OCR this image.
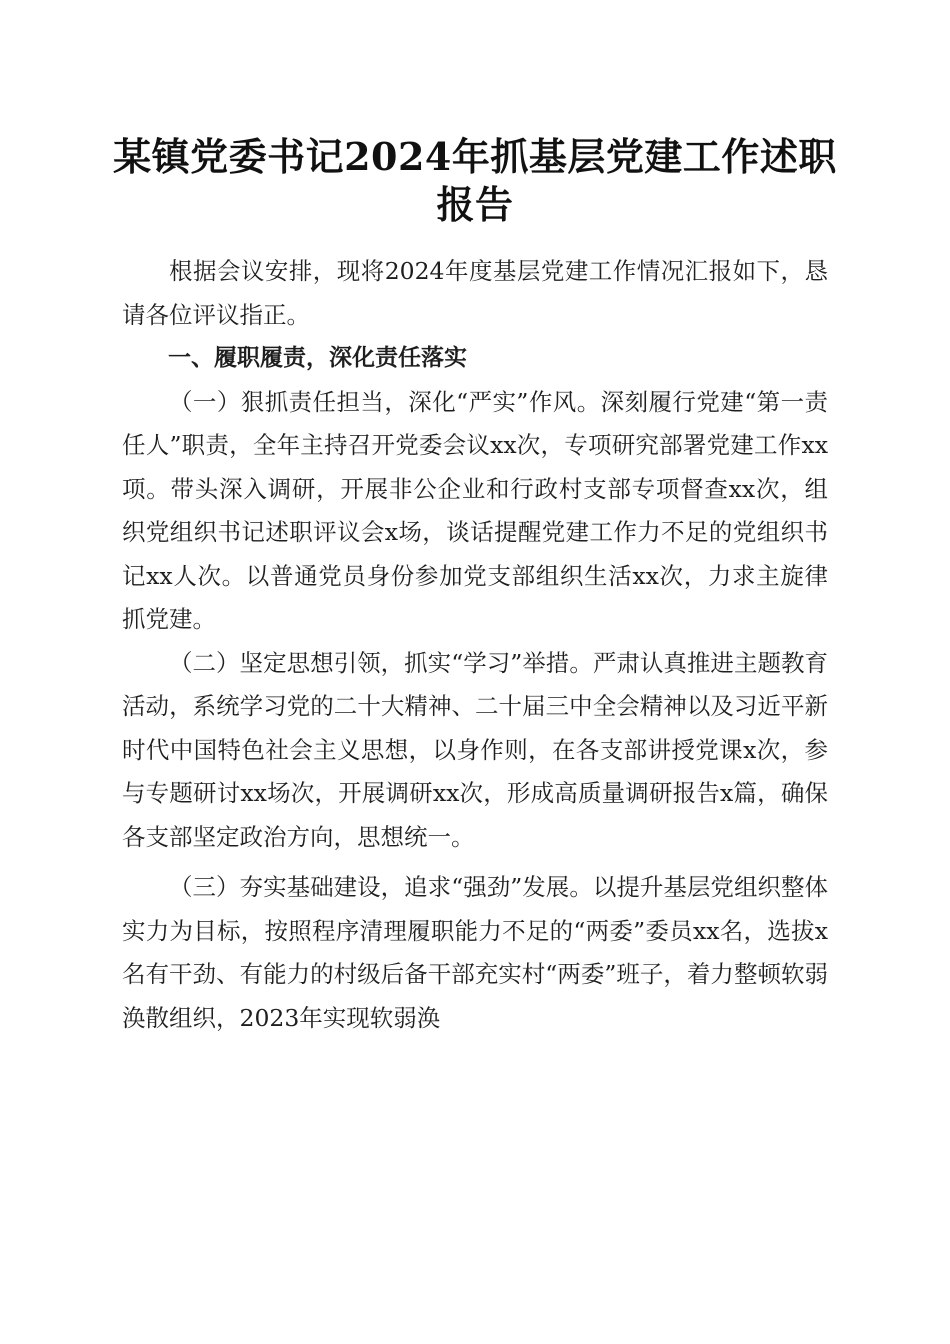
某镇党委书记2024年抓基层党建工作述职报告

根据会议安排，现将2024年度基层党建工作情况汇报如下，恳请各位评议指正。

一、履职履责，深化责任落实

（一）狠抓责任担当，深化“严实”作风。深刻履行党建“第一责任人”职责，全年主持召开党委会议xx次，专项研究部署党建工作xx项。带头深入调研，开展非公企业和行政村支部专项督查xx次，组织党组织书记述职评议会x场，谈话提醒党建工作力不足的党组织书记xx人次。以普通党员身份参加党支部组织生活xx次，力求主旋律抓党建。

（二）坚定思想引领，抓实“学习”举措。严肃认真推进主题教育活动，系统学习党的二十大精神、二十届三中全会精神以及习近平新时代中国特色社会主义思想，以身作则，在各支部讲授党课x次，参与专题研讨xx场次，开展调研xx次，形成高质量调研报告x篇，确保各支部坚定政治方向，思想统一。

（三）夯实基础建设，追求“强劲”发展。以提升基层党组织整体实力为目标，按照程序清理履职能力不足的“两委”委员xx名，选拔x名有干劲、有能力的村级后备干部充实村“两委”班子，着力整顿软弱涣散组织，2023年实现软弱涣
